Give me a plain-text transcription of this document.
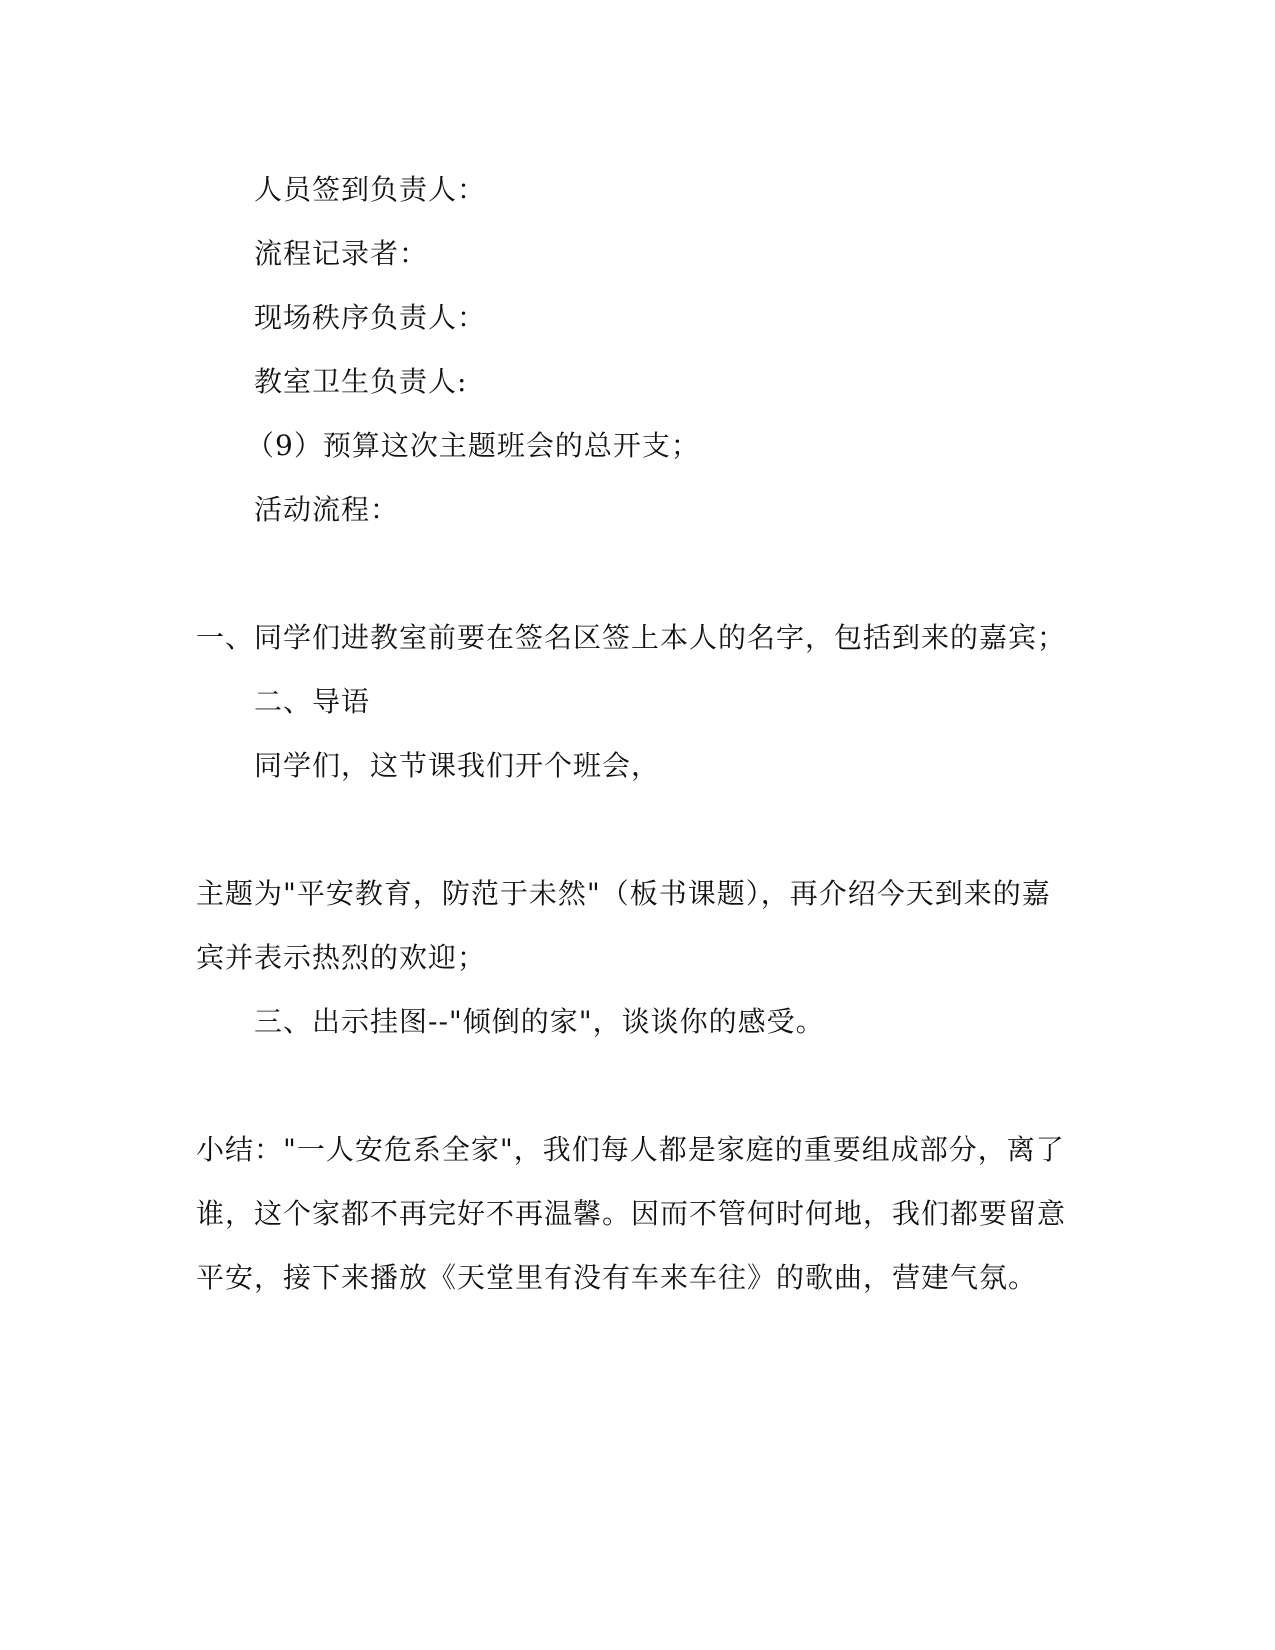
人员签到负责人：
流程记录者：
现场秩序负责人：
教室卫生负责人:
（9）预算这次主题班会的总开支；
活动流程：
一、同学们进教室前要在签名区签上本人的名字，包括到来的嘉宾；
二、导语
同学们，这节课我们开个班会，
主题为"平安教育，防范于未然"（板书课题），再介绍今天到来的嘉
宾并表示热烈的欢迎；
三、出示挂图--"倾倒的家"，谈谈你的感受。
小结："一人安危系全家"，我们每人都是家庭的重要组成部分，离了
谁，这个家都不再完好不再温馨。因而不管何时何地，我们都要留意
平安，接下来播放《天堂里有没有车来车往》的歌曲，营建气氛。
